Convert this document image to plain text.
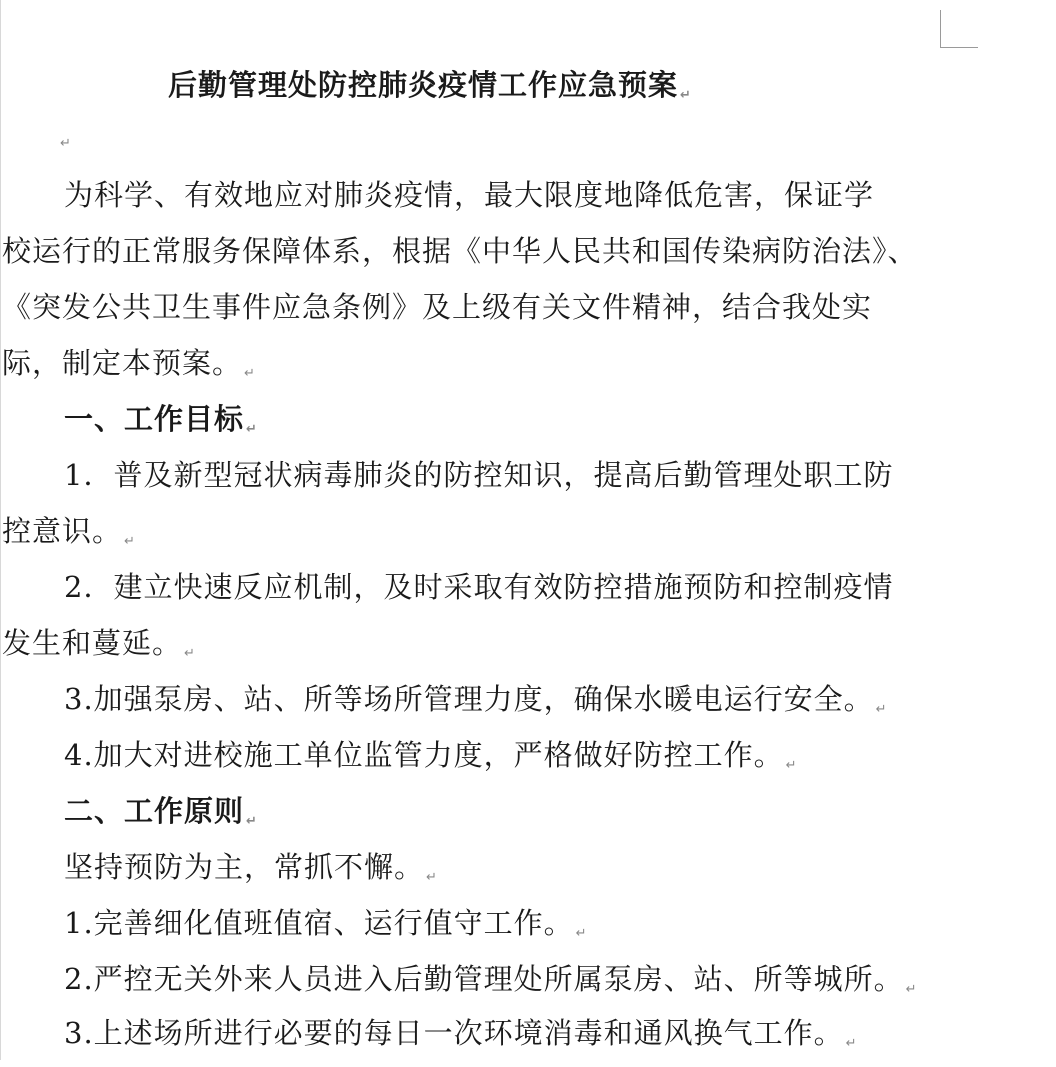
后勤管理处防控肺炎疫情工作应急预案 ↵
↵
为科学、有效地应对肺炎疫情，最大限度地降低危害，保证学
校运行的正常服务保障体系，根据《中华人民共和国传染病防治法》、
《突发公共卫生事件应急条例》及上级有关文件精神，结合我处实
际，制定本预案。 ↵
一、工作目标 ↵
1．普及新型冠状病毒肺炎的防控知识，提高后勤管理处职工防
控意识。 ↵
2．建立快速反应机制，及时采取有效防控措施预防和控制疫情
发生和蔓延。 ↵
3.加强泵房、站、所等场所管理力度，确保水暖电运行安全。 ↵
4.加大对进校施工单位监管力度，严格做好防控工作。 ↵
二、工作原则 ↵
坚持预防为主，常抓不懈。 ↵
1.完善细化值班值宿、运行值守工作。 ↵
2.严控无关外来人员进入后勤管理处所属泵房、站、所等城所。 ↵
3.上述场所进行必要的每日一次环境消毒和通风换气工作。 ↵
